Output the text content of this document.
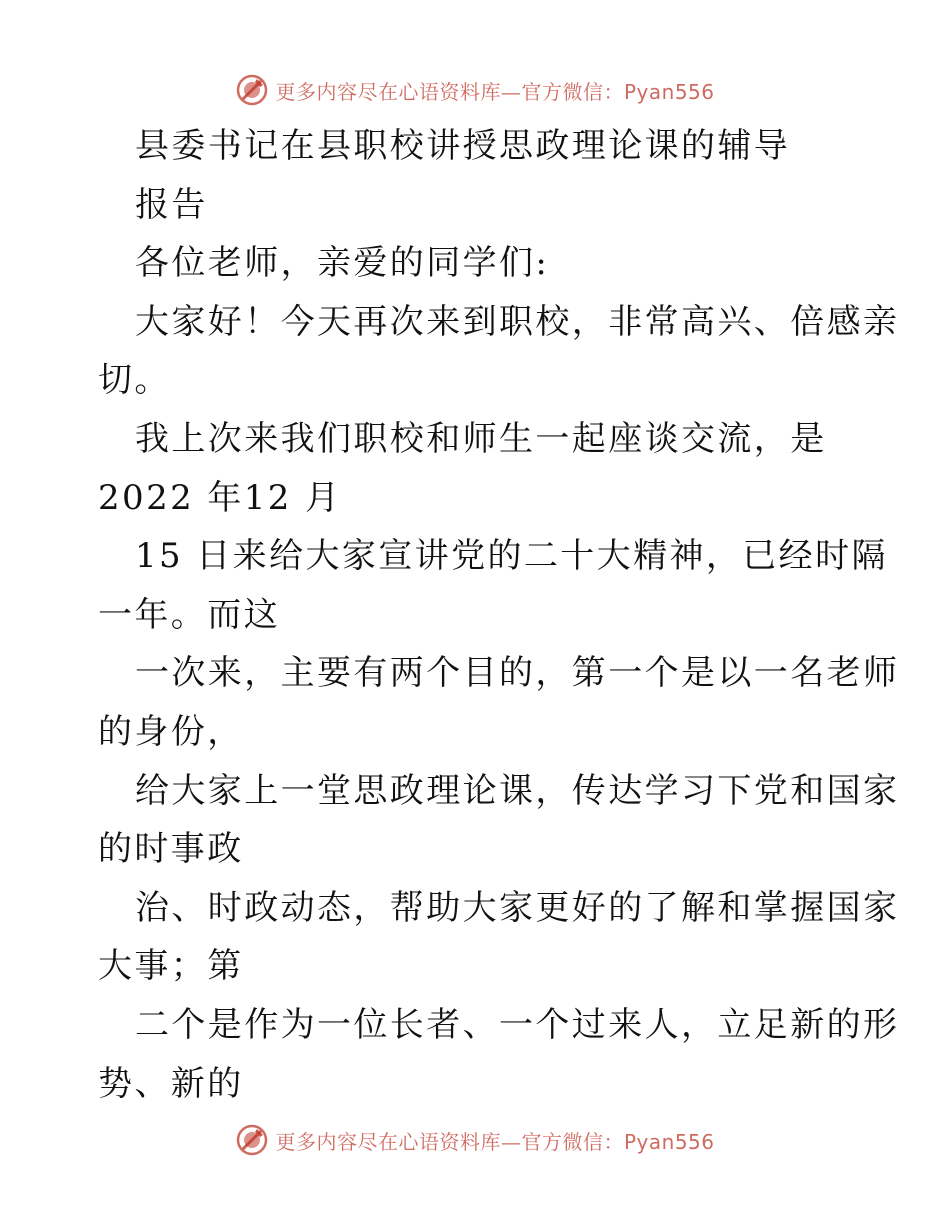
更多内容尽在心语资料库—官方微信：Pyan556
县委书记在县职校讲授思政理论课的辅导
报告
各位老师，亲爱的同学们:
大家好！今天再次来到职校，非常高兴、倍感亲
切。
我上次来我们职校和师生一起座谈交流，是
2022 年12 月
15 日来给大家宣讲党的二十大精神，已经时隔
一年。而这
一次来，主要有两个目的，第一个是以一名老师
的身份，
给大家上一堂思政理论课，传达学习下党和国家
的时事政
治、时政动态，帮助大家更好的了解和掌握国家
大事；第
二个是作为一位长者、一个过来人，立足新的形
势、新的
更多内容尽在心语资料库—官方微信：Pyan556
